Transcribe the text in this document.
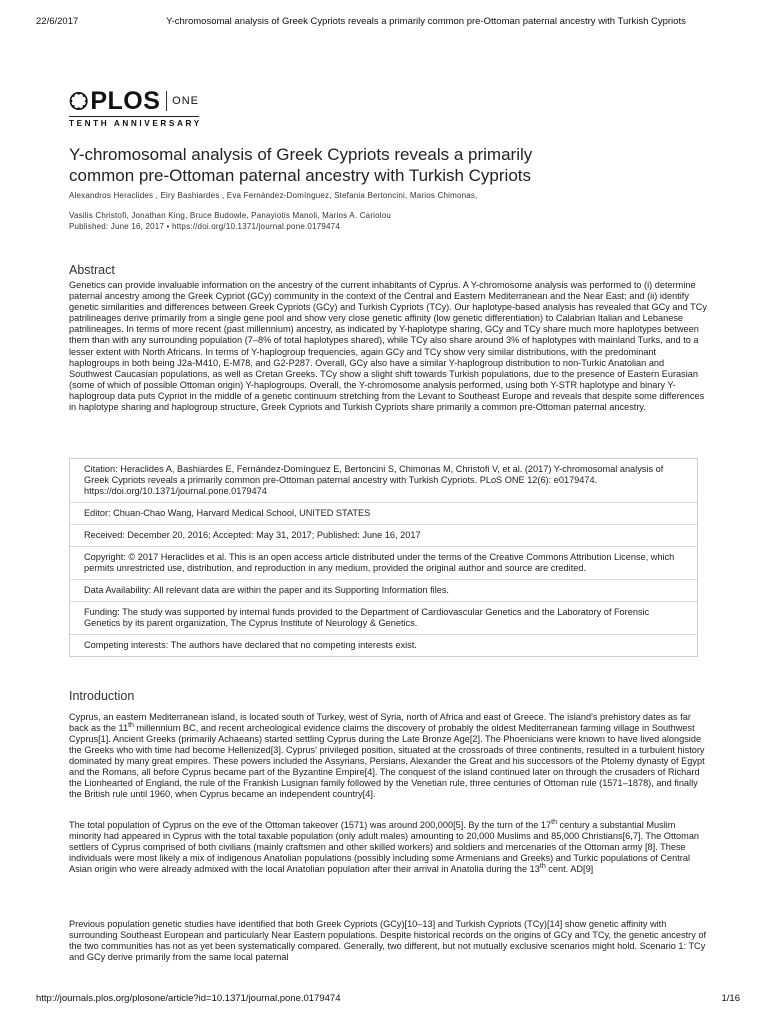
22/6/2017	Y-chromosomal analysis of Greek Cypriots reveals a primarily common pre-Ottoman paternal ancestry with Turkish Cypriots
PLOS ONE
TENTH ANNIVERSARY
Y-chromosomal analysis of Greek Cypriots reveals a primarily common pre-Ottoman paternal ancestry with Turkish Cypriots
Alexandros Heraclides , Eiry Bashiardes , Eva Fernández-Domínguez, Stefania Bertoncini, Marios Chimonas,
Vasilis Christofi, Jonathan King, Bruce Budowle, Panayiotis Manoli, Marios A. Cariolou
Published: June 16, 2017 • https://doi.org/10.1371/journal.pone.0179474
Abstract

Genetics can provide invaluable information on the ancestry of the current inhabitants of Cyprus. A Y-chromosome analysis was performed to (i) determine paternal ancestry among the Greek Cypriot (GCy) community in the context of the Central and Eastern Mediterranean and the Near East; and (ii) identify genetic similarities and differences between Greek Cypriots (GCy) and Turkish Cypriots (TCy). Our haplotype-based analysis has revealed that GCy and TCy patrilineages derive primarily from a single gene pool and show very close genetic affinity (low genetic differentiation) to Calabrian Italian and Lebanese patrilineages. In terms of more recent (past millennium) ancestry, as indicated by Y-haplotype sharing, GCy and TCy share much more haplotypes between them than with any surrounding population (7–8% of total haplotypes shared), while TCy also share around 3% of haplotypes with mainland Turks, and to a lesser extent with North Africans. In terms of Y-haplogroup frequencies, again GCy and TCy show very similar distributions, with the predominant haplogroups in both being J2a-M410, E-M78, and G2-P287. Overall, GCy also have a similar Y-haplogroup distribution to non-Turkic Anatolian and Southwest Caucasian populations, as well as Cretan Greeks. TCy show a slight shift towards Turkish populations, due to the presence of Eastern Eurasian (some of which of possible Ottoman origin) Y-haplogroups. Overall, the Y-chromosome analysis performed, using both Y-STR haplotype and binary Y-haplogroup data puts Cypriot in the middle of a genetic continuum stretching from the Levant to Southeast Europe and reveals that despite some differences in haplotype sharing and haplogroup structure, Greek Cypriots and Turkish Cypriots share primarily a common pre-Ottoman paternal ancestry.

Citation: Heraclides A, Bashiardes E, Fernández-Domínguez E, Bertoncini S, Chimonas M, Christofi V, et al. (2017) Y-chromosomal analysis of Greek Cypriots reveals a primarily common pre-Ottoman paternal ancestry with Turkish Cypriots. PLoS ONE 12(6): e0179474. https://doi.org/10.1371/journal.pone.0179474
Editor: Chuan-Chao Wang, Harvard Medical School, UNITED STATES
Received: December 20, 2016; Accepted: May 31, 2017; Published: June 16, 2017
Copyright: © 2017 Heraclides et al. This is an open access article distributed under the terms of the Creative Commons Attribution License, which permits unrestricted use, distribution, and reproduction in any medium, provided the original author and source are credited.
Data Availability: All relevant data are within the paper and its Supporting Information files.
Funding: The study was supported by internal funds provided to the Department of Cardiovascular Genetics and the Laboratory of Forensic Genetics by its parent organization, The Cyprus Institute of Neurology & Genetics.
Competing interests: The authors have declared that no competing interests exist.
Introduction

Cyprus, an eastern Mediterranean island, is located south of Turkey, west of Syria, north of Africa and east of Greece. The island's prehistory dates as far back as the 11th millennium BC, and recent archeological evidence claims the discovery of probably the oldest Mediterranean farming village in Southwest Cyprus[1]. Ancient Greeks (primarily Achaeans) started settling Cyprus during the Late Bronze Age[2]. The Phoenicians were known to have lived alongside the Greeks who with time had become Hellenized[3]. Cyprus' privileged position, situated at the crossroads of three continents, resulted in a turbulent history dominated by many great empires. These powers included the Assyrians, Persians, Alexander the Great and his successors of the Ptolemy dynasty of Egypt and the Romans, all before Cyprus became part of the Byzantine Empire[4]. The conquest of the island continued later on through the crusaders of Richard the Lionhearted of England, the rule of the Frankish Lusignan family followed by the Venetian rule, three centuries of Ottoman rule (1571–1878), and finally the British rule until 1960, when Cyprus became an independent country[4].

The total population of Cyprus on the eve of the Ottoman takeover (1571) was around 200,000[5]. By the turn of the 17th century a substantial Muslim minority had appeared in Cyprus with the total taxable population (only adult males) amounting to 20,000 Muslims and 85,000 Christians[6,7]. The Ottoman settlers of Cyprus comprised of both civilians (mainly craftsmen and other skilled workers) and soldiers and mercenaries of the Ottoman army [8]. These individuals were most likely a mix of indigenous Anatolian populations (possibly including some Armenians and Greeks) and Turkic populations of Central Asian origin who were already admixed with the local Anatolian population after their arrival in Anatolia during the 13th cent. AD[9]

Previous population genetic studies have identified that both Greek Cypriots (GCy)[10–13] and Turkish Cypriots (TCy)[14] show genetic affinity with surrounding Southeast European and particularly Near Eastern populations. Despite historical records on the origins of GCy and TCy, the genetic ancestry of the two communities has not as yet been systematically compared. Generally, two different, but not mutually exclusive scenarios might hold. Scenario 1: TCy and GCy derive primarily from the same local paternal

http://journals.plos.org/plosone/article?id=10.1371/journal.pone.0179474	1/16
